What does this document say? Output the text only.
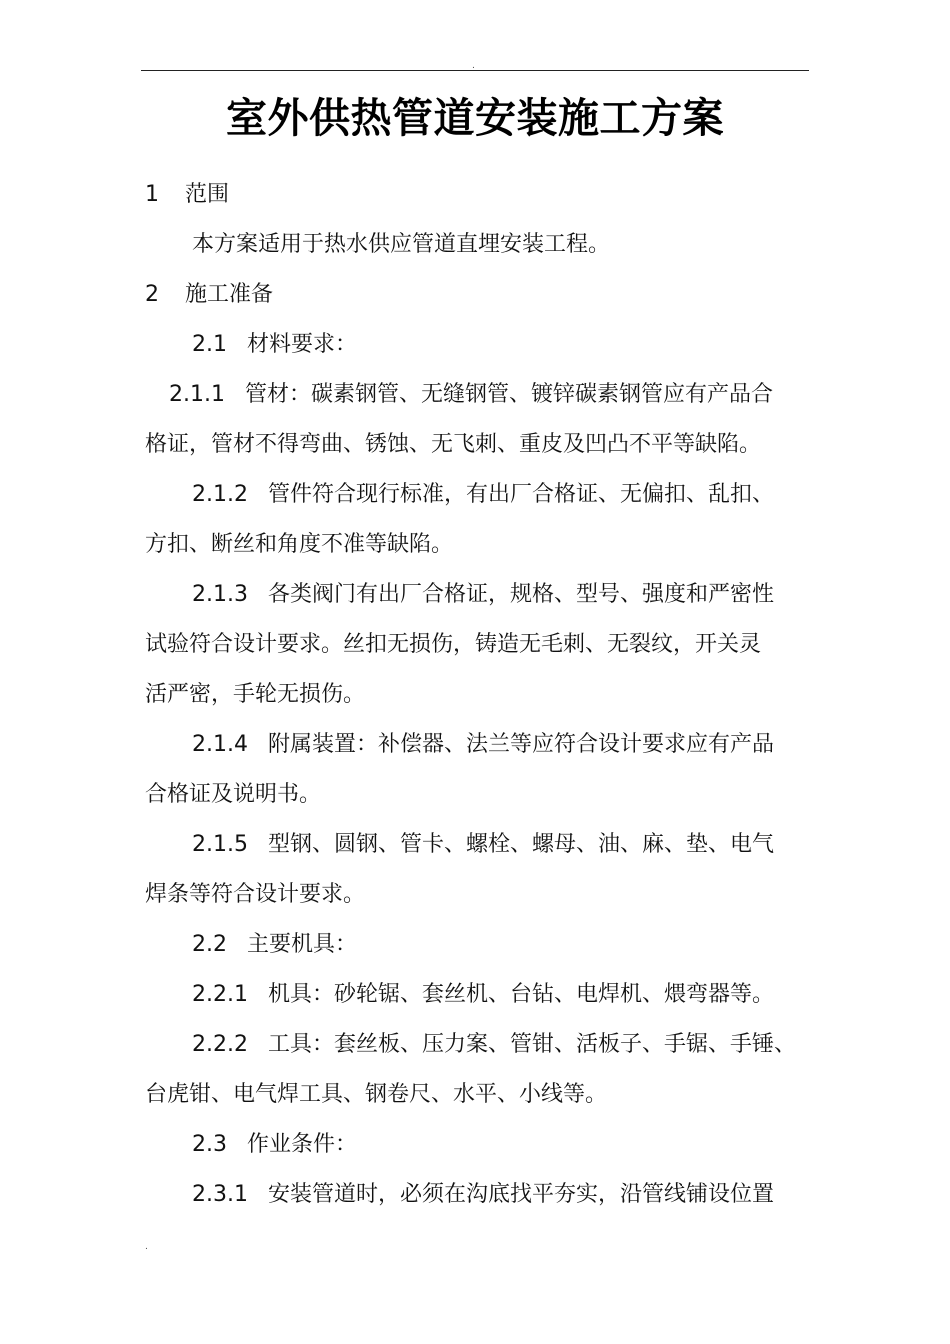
.
室外供热管道安装施工方案
1 范围
本方案适用于热水供应管道直埋安装工程。
2 施工准备
2.1 材料要求：
2.1.1 管材：碳素钢管、无缝钢管、镀锌碳素钢管应有产品合
格证，管材不得弯曲、锈蚀、无飞刺、重皮及凹凸不平等缺陷。
2.1.2 管件符合现行标准，有出厂合格证、无偏扣、乱扣、
方扣、断丝和角度不准等缺陷。
2.1.3 各类阀门有出厂合格证，规格、型号、强度和严密性
试验符合设计要求。丝扣无损伤，铸造无毛刺、无裂纹，开关灵
活严密，手轮无损伤。
2.1.4 附属装置：补偿器、法兰等应符合设计要求应有产品
合格证及说明书。
2.1.5 型钢、圆钢、管卡、螺栓、螺母、油、麻、垫、电气
焊条等符合设计要求。
2.2 主要机具：
2.2.1 机具：砂轮锯、套丝机、台钻、电焊机、煨弯器等。
2.2.2 工具：套丝板、压力案、管钳、活板子、手锯、手锤、
台虎钳、电气焊工具、钢卷尺、水平、小线等。
2.3 作业条件：
2.3.1 安装管道时，必须在沟底找平夯实，沿管线铺设位置
.
